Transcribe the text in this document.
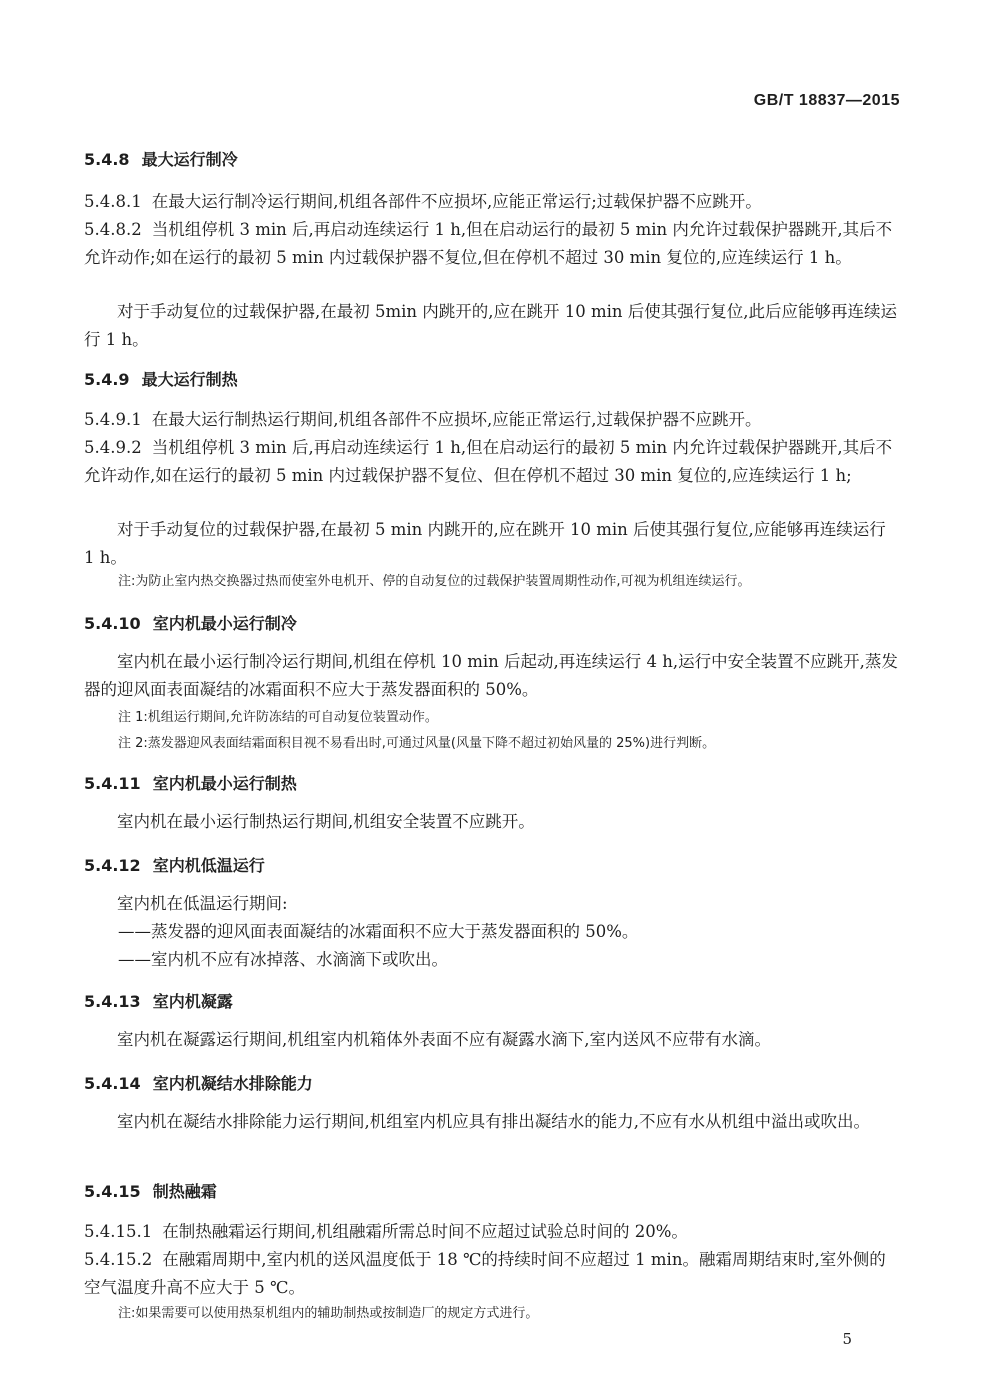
GB/T 18837—2015
5.4.8 最大运行制冷
5.4.8.1 在最大运行制冷运行期间,机组各部件不应损坏,应能正常运行;过载保护器不应跳开。
5.4.8.2 当机组停机 3 min 后,再启动连续运行 1 h,但在启动运行的最初 5 min 内允许过载保护器跳开,其后不允许动作;如在运行的最初 5 min 内过载保护器不复位,但在停机不超过 30 min 复位的,应连续运行 1 h。
对于手动复位的过载保护器,在最初 5min 内跳开的,应在跳开 10 min 后使其强行复位,此后应能够再连续运行 1 h。
5.4.9 最大运行制热
5.4.9.1 在最大运行制热运行期间,机组各部件不应损坏,应能正常运行,过载保护器不应跳开。
5.4.9.2 当机组停机 3 min 后,再启动连续运行 1 h,但在启动运行的最初 5 min 内允许过载保护器跳开,其后不允许动作,如在运行的最初 5 min 内过载保护器不复位、但在停机不超过 30 min 复位的,应连续运行 1 h;
对于手动复位的过载保护器,在最初 5 min 内跳开的,应在跳开 10 min 后使其强行复位,应能够再连续运行 1 h。
注:为防止室内热交换器过热而使室外电机开、停的自动复位的过载保护装置周期性动作,可视为机组连续运行。
5.4.10 室内机最小运行制冷
室内机在最小运行制冷运行期间,机组在停机 10 min 后起动,再连续运行 4 h,运行中安全装置不应跳开,蒸发器的迎风面表面凝结的冰霜面积不应大于蒸发器面积的 50%。
注 1:机组运行期间,允许防冻结的可自动复位装置动作。
注 2:蒸发器迎风表面结霜面积目视不易看出时,可通过风量(风量下降不超过初始风量的 25%)进行判断。
5.4.11 室内机最小运行制热
室内机在最小运行制热运行期间,机组安全装置不应跳开。
5.4.12 室内机低温运行
室内机在低温运行期间:
——蒸发器的迎风面表面凝结的冰霜面积不应大于蒸发器面积的 50%。
——室内机不应有冰掉落、水滴滴下或吹出。
5.4.13 室内机凝露
室内机在凝露运行期间,机组室内机箱体外表面不应有凝露水滴下,室内送风不应带有水滴。
5.4.14 室内机凝结水排除能力
室内机在凝结水排除能力运行期间,机组室内机应具有排出凝结水的能力,不应有水从机组中溢出或吹出。
5.4.15 制热融霜
5.4.15.1 在制热融霜运行期间,机组融霜所需总时间不应超过试验总时间的 20%。
5.4.15.2 在融霜周期中,室内机的送风温度低于 18 ℃的持续时间不应超过 1 min。融霜周期结束时,室外侧的空气温度升高不应大于 5 ℃。
注:如果需要可以使用热泵机组内的辅助制热或按制造厂的规定方式进行。
5
